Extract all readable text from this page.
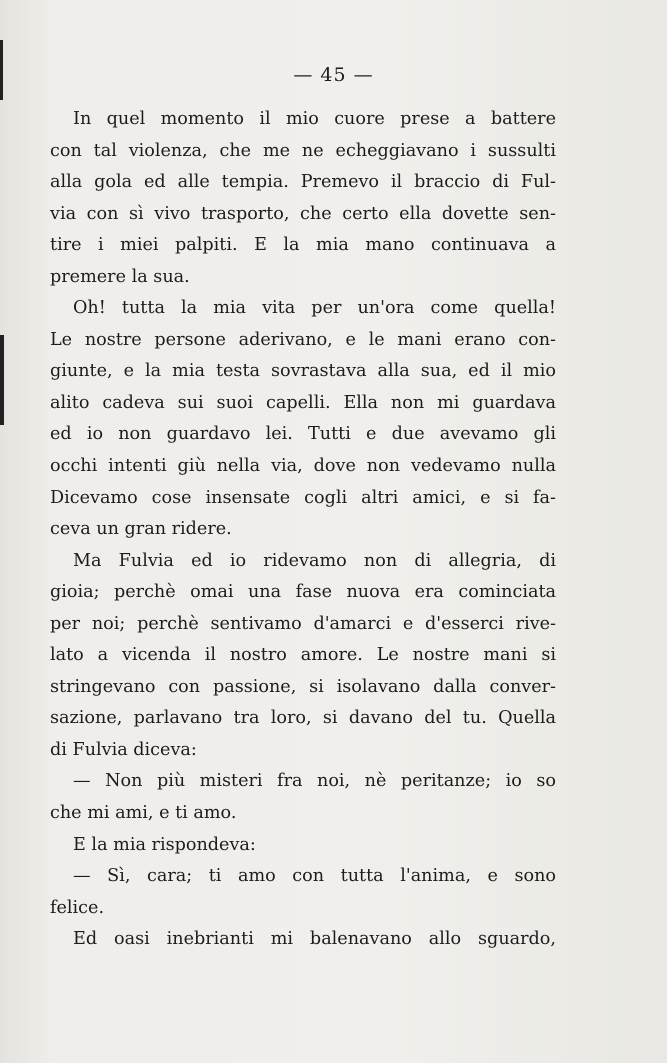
— 45 —
In quel momento il mio cuore prese a battere
con tal violenza, che me ne echeggiavano i sussulti
alla gola ed alle tempia. Premevo il braccio di Ful-
via con sì vivo trasporto, che certo ella dovette sen-
tire i miei palpiti. E la mia mano continuava a
premere la sua.
Oh! tutta la mia vita per un'ora come quella!
Le nostre persone aderivano, e le mani erano con-
giunte, e la mia testa sovrastava alla sua, ed il mio
alito cadeva sui suoi capelli. Ella non mi guardava
ed io non guardavo lei. Tutti e due avevamo gli
occhi intenti giù nella via, dove non vedevamo nulla
Dicevamo cose insensate cogli altri amici, e si fa-
ceva un gran ridere.
Ma Fulvia ed io ridevamo non di allegria, di
gioia; perchè omai una fase nuova era cominciata
per noi; perchè sentivamo d'amarci e d'esserci rive-
lato a vicenda il nostro amore. Le nostre mani si
stringevano con passione, si isolavano dalla conver-
sazione, parlavano tra loro, si davano del tu. Quella
di Fulvia diceva:
— Non più misteri fra noi, nè peritanze; io so
che mi ami, e ti amo.
E la mia rispondeva:
— Sì, cara; ti amo con tutta l'anima, e sono
felice.
Ed oasi inebrianti mi balenavano allo sguardo,
